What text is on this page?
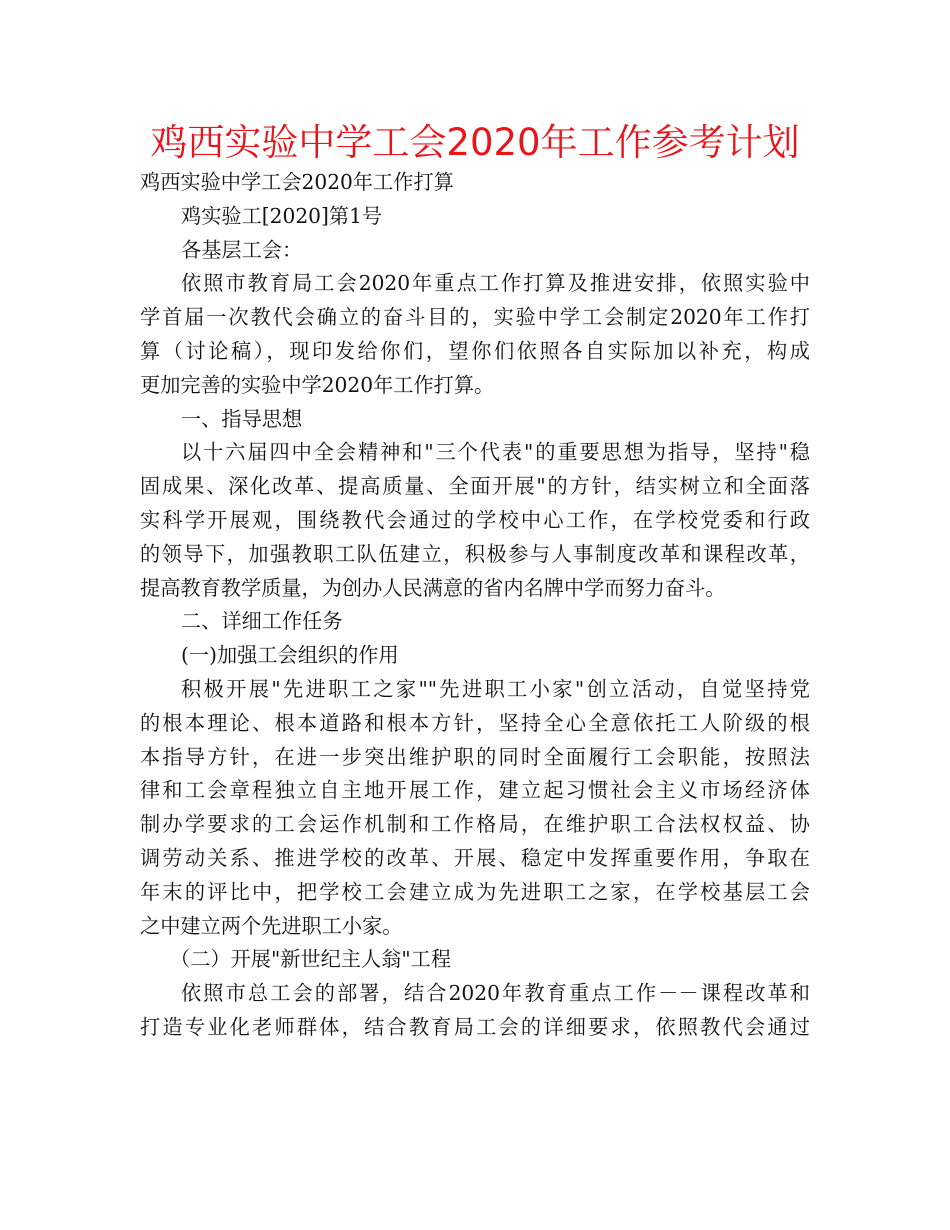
鸡西实验中学工会2020年工作参考计划
鸡西实验中学工会2020年工作打算
鸡实验工[2020]第1号
各基层工会：
依照市教育局工会2020年重点工作打算及推进安排，依照实验中
学首届一次教代会确立的奋斗目的，实验中学工会制定2020年工作打
算（讨论稿），现印发给你们，望你们依照各自实际加以补充，构成
更加完善的实验中学2020年工作打算。
一、指导思想
以十六届四中全会精神和"三个代表"的重要思想为指导，坚持"稳
固成果、深化改革、提高质量、全面开展"的方针，结实树立和全面落
实科学开展观，围绕教代会通过的学校中心工作，在学校党委和行政
的领导下，加强教职工队伍建立，积极参与人事制度改革和课程改革，
提高教育教学质量，为创办人民满意的省内名牌中学而努力奋斗。
二、详细工作任务
(一)加强工会组织的作用
积极开展"先进职工之家""先进职工小家"创立活动，自觉坚持党
的根本理论、根本道路和根本方针，坚持全心全意依托工人阶级的根
本指导方针，在进一步突出维护职的同时全面履行工会职能，按照法
律和工会章程独立自主地开展工作，建立起习惯社会主义市场经济体
制办学要求的工会运作机制和工作格局，在维护职工合法权权益、协
调劳动关系、推进学校的改革、开展、稳定中发挥重要作用，争取在
年末的评比中，把学校工会建立成为先进职工之家，在学校基层工会
之中建立两个先进职工小家。
（二）开展"新世纪主人翁"工程
依照市总工会的部署，结合2020年教育重点工作－－课程改革和
打造专业化老师群体，结合教育局工会的详细要求，依照教代会通过
